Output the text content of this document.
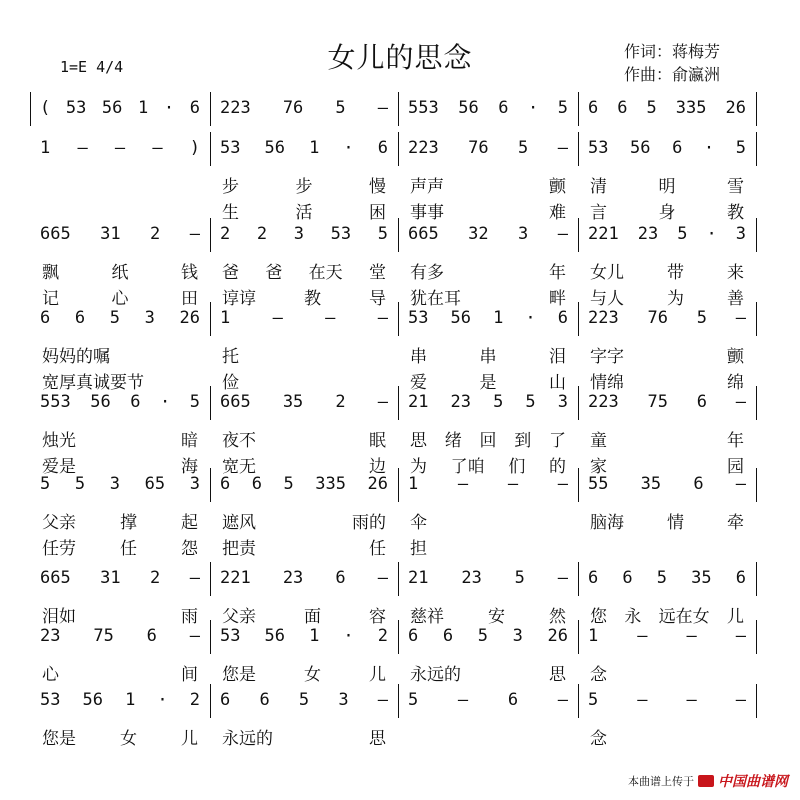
女儿的思念
1=E 4/4
作词：蒋梅芳
作曲：俞瀛洲
( 53 56 1 · 6 223 76 5 — 553 56 6 · 5 6 6 5 335 26
1 — — — ) 53 56 1 · 6 223 76 5 — 53 56 6 · 5
步	步	慢 声声	颤 清	明	雪
生	活	困 事事	难 言	身	教
665 31 2 — 2 2 3 53 5 665 32 3 — 221 23 5 · 3
飘	纸	钱 爸 爸 在天 堂 有多	年 女儿	带	来
记	心	田 谆谆	教	导 犹在耳	畔 与人	为	善
6 6 5 3 26 1 — — — 53 56 1 · 6 223 76 5 —
妈妈的嘱	托	串	串	泪 字字	颤
宽厚真诚要节	俭	爱	是	山 情绵	绵
553 56 6 · 5 665 35 2 — 21 23 5 5 3 223 75 6 —
烛光	暗 夜不	眠 思 绪 回 到 了 童	年
爱是	海 宽无	边 为 了咱 们 的 家	园
5 5 3 65 3 6 6 5 335 26 1 — — — 55 35 6 —
父亲	撑	起 遮风	雨的 伞	脑海	情	牵
任劳	任	怨 把责	任 担
665 31 2 — 221 23 6 — 21 23 5 — 6 6 5 35 6
泪如	雨 父亲	面	容 慈祥	安	然 您 永 远在女 儿
23 75 6 — 53 56 1 · 2 6 6 5 3 26 1 — — —
心	间 您是	女	儿 永远的	思 念
53 56 1 · 2 6 6 5 3 — 5 — 6 — 5 — — —
您是	女	儿 永远的	思	念
本曲谱上传于 中国曲谱网
